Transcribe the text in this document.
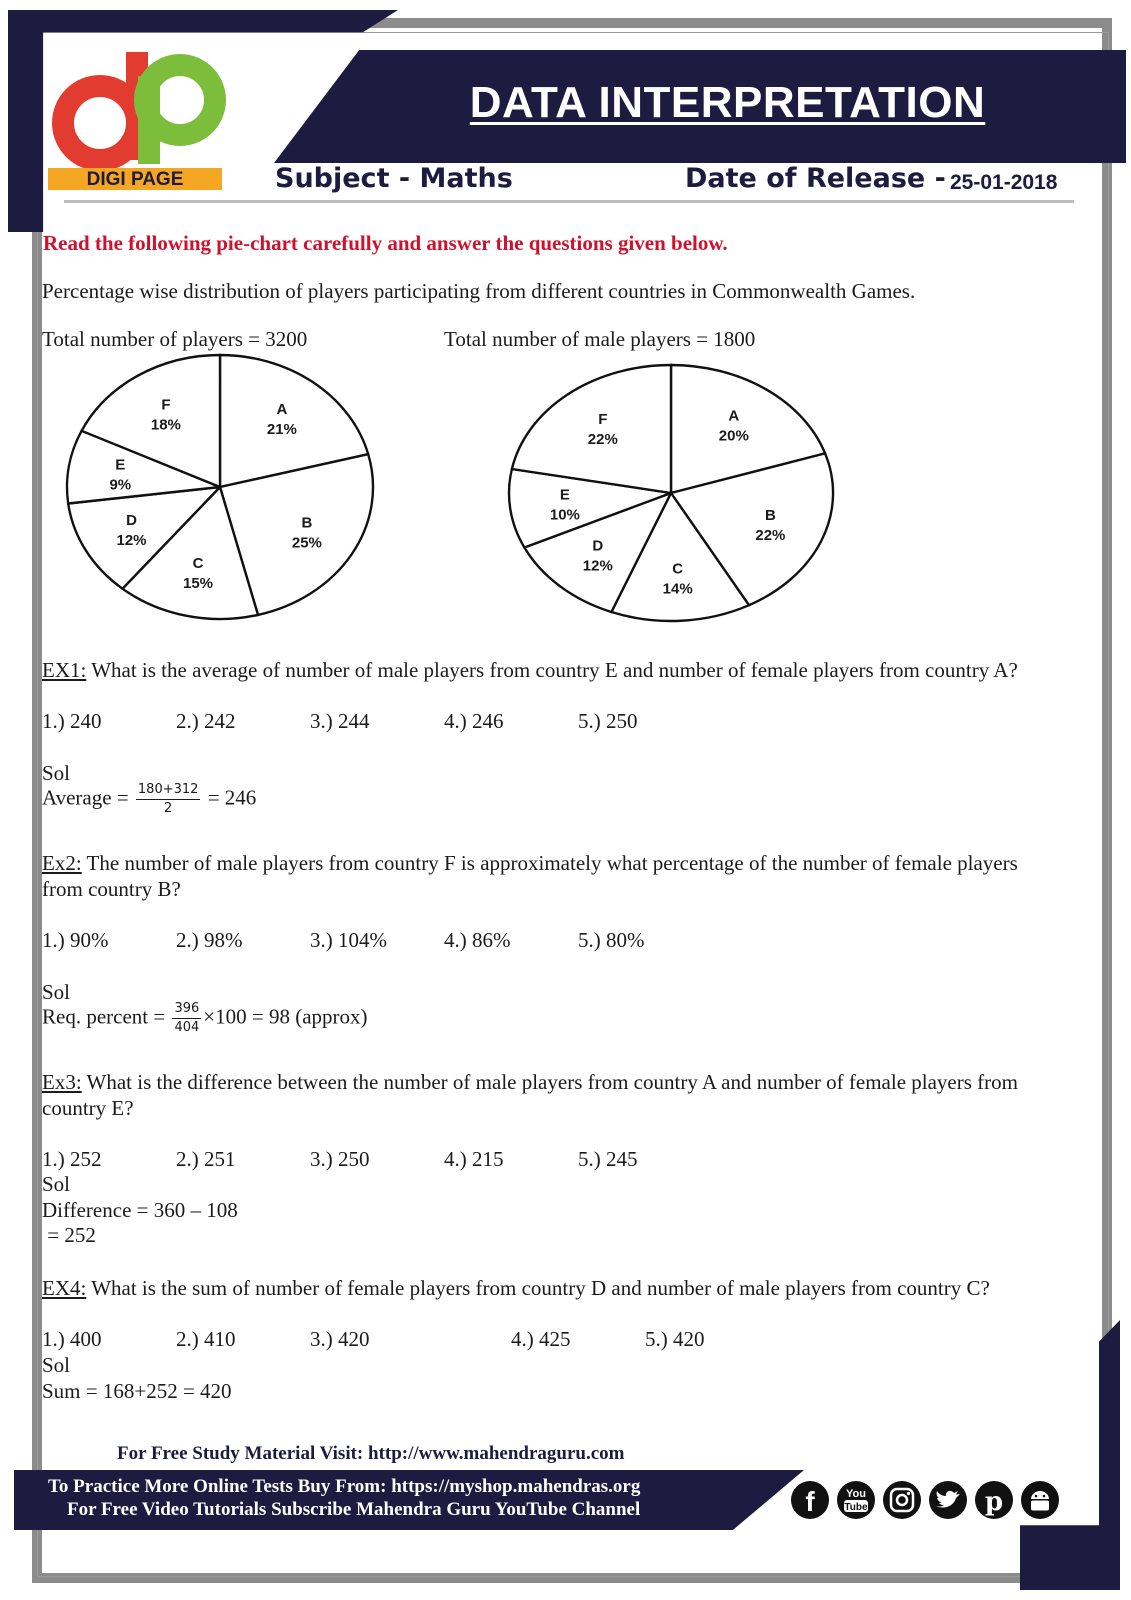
DATA INTERPRETATION
DIGI PAGE	Subject - Maths	Date of Release - 25-01-2018
Read the following pie-chart carefully and answer the questions given below.
Percentage wise distribution of players participating from different countries in Commonwealth Games.
Total number of players = 3200	Total number of male players = 1800
A
21%
B
25%
C
15%
D
12%
E
9%
F
18%
A
20%
B
22%
C
14%
D
12%
E
10%
F
22%
EX1: What is the average of number of male players from country E and number of female players from country A?
1.) 240	2.) 242	3.) 244	4.) 246	5.) 250
Sol
Average = $\frac{180+312}{2} = 246$
Ex2: The number of male players from country F is approximately what percentage of the number of female players
from country B?
1.) 90%	2.) 98%	3.) 104%	4.) 86%	5.) 80%
Sol
Req. percent = $\frac{396}{404} \times 100 = 98$ (approx)
Ex3: What is the difference between the number of male players from country A and number of female players from
country E?
1.) 252	2.) 251	3.) 250	4.) 215	5.) 245
Sol
Difference = 360 – 108
= 252
EX4: What is the sum of number of female players from country D and number of male players from country C?
1.) 400	2.) 410	3.) 420	4.) 425	5.) 420
Sol
Sum = 168+252 = 420
For Free Study Material Visit: http://www.mahendraguru.com
To Practice More Online Tests Buy From: https://myshop.mahendras.org
For Free Video Tutorials Subscribe Mahendra Guru YouTube Channel	f	You
Tube	p
